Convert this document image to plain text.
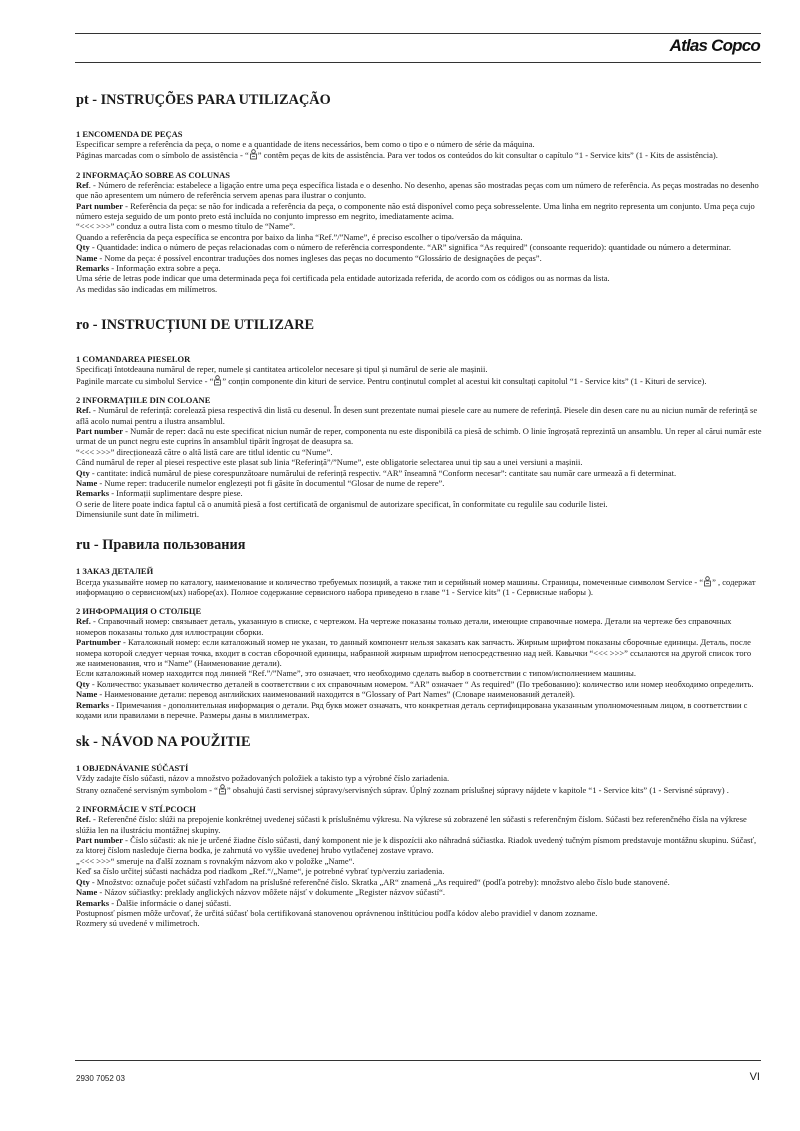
Atlas Copco
pt - INSTRUÇÕES PARA UTILIZAÇÃO

1 ENCOMENDA DE PEÇAS

Especificar sempre a referência da peça, o nome e a quantidade de itens necessários, bem como o tipo e o número de série da máquina.

Páginas marcadas com o símbolo de assistência - “ ” contêm peças de kits de assistência. Para ver todos os conteúdos do kit consultar o capítulo “1 - Service kits” (1 - Kits de assistência).

2 INFORMAÇÃO SOBRE AS COLUNAS

Ref. - Número de referência: estabelece a ligação entre uma peça específica listada e o desenho. No desenho, apenas são mostradas peças com um número de referência. As peças mostradas no desenho que não apresentem um número de referência servem apenas para ilustrar o conjunto.

Part number - Referência da peça: se não for indicada a referência da peça, o componente não está disponível como peça sobresselente. Uma linha em negrito representa um conjunto. Uma peça cujo número esteja seguido de um ponto preto está incluída no conjunto impresso em negrito, imediatamente acima.

“<<< >>>” conduz a outra lista com o mesmo título de “Name”.

Quando a referência da peça específica se encontra por baixo da linha “Ref.”/”Name”, é preciso escolher o tipo/versão da máquina.

Qty - Quantidade: indica o número de peças relacionadas com o número de referência correspondente. “AR” significa “As required” (consoante requerido): quantidade ou número a determinar.

Name - Nome da peça: é possível encontrar traduções dos nomes ingleses das peças no documento “Glossário de designações de peças”.

Remarks - Informação extra sobre a peça.

Uma série de letras pode indicar que uma determinada peça foi certificada pela entidade autorizada referida, de acordo com os códigos ou as normas da lista.

As medidas são indicadas em milímetros.

ro - INSTRUCȚIUNI DE UTILIZARE

1 COMANDAREA PIESELOR

Specificați întotdeauna numărul de reper, numele și cantitatea articolelor necesare și tipul și numărul de serie ale mașinii.

Paginile marcate cu simbolul Service - “ ” conțin componente din kituri de service. Pentru conținutul complet al acestui kit consultați capitolul “1 - Service kits” (1 - Kituri de service).

2 INFORMAȚIILE DIN COLOANE

Ref. - Numărul de referință: corelează piesa respectivă din listă cu desenul. În desen sunt prezentate numai piesele care au numere de referință. Piesele din desen care nu au niciun număr de referință se află acolo numai pentru a ilustra ansamblul.

Part number - Număr de reper: dacă nu este specificat niciun număr de reper, componenta nu este disponibilă ca piesă de schimb. O linie îngroșată reprezintă un ansamblu. Un reper al cărui număr este urmat de un punct negru este cuprins în ansamblul tipărit îngroșat de deasupra sa.

“<<< >>>” direcționează către o altă listă care are titlul identic cu “Nume”.

Când numărul de reper al piesei respective este plasat sub linia “Referință”/”Nume”, este obligatorie selectarea unui tip sau a unei versiuni a mașinii.

Qty - cantitate: indică numărul de piese corespunzătoare numărului de referință respectiv. “AR” înseamnă “Conform necesar”: cantitate sau număr care urmează a fi determinat.

Name - Nume reper: traducerile numelor englezești pot fi găsite în documentul “Glosar de nume de repere”.

Remarks - Informații suplimentare despre piese.

O serie de litere poate indica faptul că o anumită piesă a fost certificată de organismul de autorizare specificat, în conformitate cu regulile sau codurile listei.

Dimensiunile sunt date în milimetri.

ru - Правила пользования

1 ЗАКАЗ ДЕТАЛЕЙ

Всегда указывайте номер по каталогу, наименование и количество требуемых позиций, а также тип и серийный номер машины. Страницы, помеченные символом Service - “ ” , содержат информацию о сервисном(ых) наборе(ах). Полное содержание сервисного набора приведено в главе “1 - Service kits” (1 - Сервисные наборы ).

2 ИНФОРМАЦИЯ О СТОЛБЦЕ

Ref. - Справочный номер: связывает деталь, указанную в списке, с чертежом. На чертеже показаны только детали, имеющие справочные номера. Детали на чертеже без справочных номеров показаны только для иллюстрации сборки.

Partnumber - Каталожный номер: если каталожный номер не указан, то данный компонент нельзя заказать как запчасть. Жирным шрифтом показаны сборочные единицы. Деталь, после номера которой следует черная точка, входит в состав сборочной единицы, набранной жирным шрифтом непосредственно над ней. Кавычки “<<< >>>” ссылаются на другой список того же наименования, что и “Name” (Наименование детали).

Если каталожный номер находится под линией “Ref.”/”Name”, это означает, что необходимо сделать выбор в соответствии с типом/исполнением машины.

Qty - Количество: указывает количество деталей в соответствии с их справочным номером. “AR” означает “ As required” (По требованию): количество или номер необходимо определить.

Name - Наименование детали: перевод английских наименований находится в “Glossary of Part Names” (Словаре наименований деталей).

Remarks - Примечания - дополнительная информация о детали. Ряд букв может означать, что конкретная деталь сертифицирована указанным уполномоченным лицом, в соответствии с кодами или правилами в перечне. Размеры даны в миллиметрах.

sk - NÁVOD NA POUŽITIE

1 OBJEDNÁVANIE SÚČASTÍ

Vždy zadajte číslo súčasti, názov a množstvo požadovaných položiek a takisto typ a výrobné číslo zariadenia.

Strany označené servisným symbolom - “ ” obsahujú časti servisnej súpravy/servisných súprav. Úplný zoznam príslušnej súpravy nájdete v kapitole “1 - Service kits” (1 - Servisné súpravy) .

2 INFORMÁCIE V STĹPCOCH

Ref. - Referenčné číslo: slúži na prepojenie konkrétnej uvedenej súčasti k príslušnému výkresu. Na výkrese sú zobrazené len súčasti s referenčným číslom. Súčasti bez referenčného čísla na výkrese slúžia len na ilustráciu montážnej skupiny.

Part number - Číslo súčasti: ak nie je určené žiadne číslo súčasti, daný komponent nie je k dispozícii ako náhradná súčiastka. Riadok uvedený tučným písmom predstavuje montážnu skupinu. Súčasť, za ktorej číslom nasleduje čierna bodka, je zahrnutá vo vyššie uvedenej hrubo vytlačenej zostave vpravo.

„<<< >>>“ smeruje na ďalší zoznam s rovnakým názvom ako v položke „Name“.

Keď sa číslo určitej súčasti nachádza pod riadkom „Ref.“/„Name“, je potrebné vybrať typ/verziu zariadenia.

Qty - Množstvo: označuje počet súčastí vzhľadom na príslušné referenčné číslo. Skratka „AR“ znamená „As required“ (podľa potreby): množstvo alebo číslo bude stanovené.

Name - Názov súčiastky: preklady anglických názvov môžete nájsť v dokumente „Register názvov súčastí“.

Remarks - Ďalšie informácie o danej súčasti.

Postupnosť písmen môže určovať, že určitá súčasť bola certifikovaná stanovenou oprávnenou inštitúciou podľa kódov alebo pravidiel v danom zozname.

Rozmery sú uvedené v milimetroch.

2930 7052 03	VI
